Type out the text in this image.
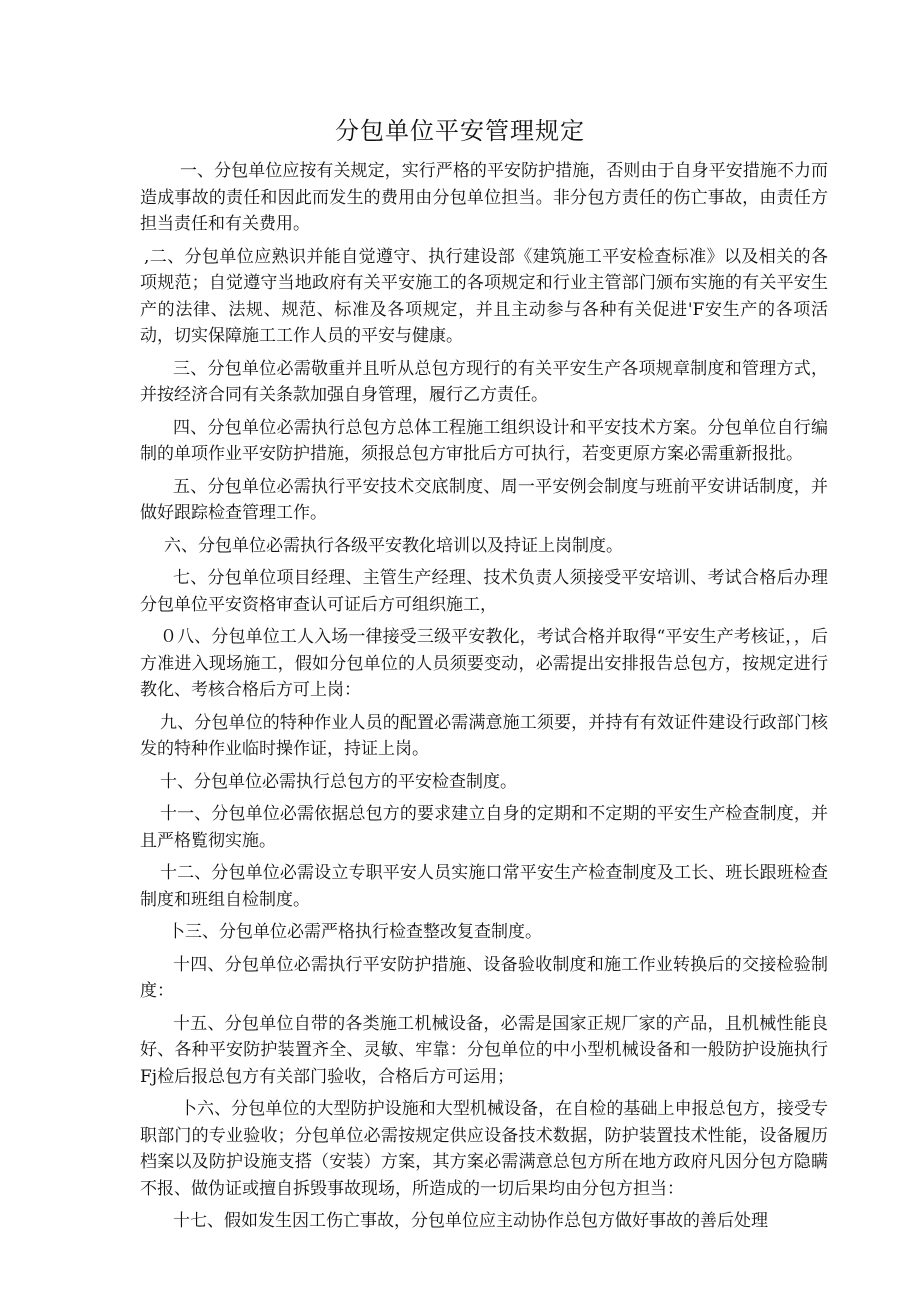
分包单位平安管理规定

一、分包单位应按有关规定，实行严格的平安防护措施，否则由于自身平安措施不力而造成事故的责任和因此而发生的费用由分包单位担当。非分包方责任的伤亡事故，由责任方担当责任和有关费用。

,二、分包单位应熟识并能自觉遵守、执行建设部《建筑施工平安检查标准》以及相关的各项规范；自觉遵守当地政府有关平安施工的各项规定和行业主管部门颁布实施的有关平安生产的法律、法规、规范、标准及各项规定，并且主动参与各种有关促进'F安生产的各项活动，切实保障施工工作人员的平安与健康。

三、分包单位必需敬重并且听从总包方现行的有关平安生产各项规章制度和管理方式，并按经济合同有关条款加强自身管理，履行乙方责任。

四、分包单位必需执行总包方总体工程施工组织设计和平安技术方案。分包单位自行编制的单项作业平安防护措施，须报总包方审批后方可执行，若变更原方案必需重新报批。

五、分包单位必需执行平安技术交底制度、周一平安例会制度与班前平安讲话制度，并做好跟踪检查管理工作。

六、分包单位必需执行各级平安教化培训以及持证上岗制度。

七、分包单位项目经理、主管生产经理、技术负责人须接受平安培训、考试合格后办理分包单位平安资格审查认可证后方可组织施工，

０八、分包单位工人入场一律接受三级平安教化，考试合格并取得“平安生产考核证，，后方准进入现场施工，假如分包单位的人员须要变动，必需提出安排报告总包方，按规定进行教化、考核合格后方可上岗：

九、分包单位的特种作业人员的配置必需满意施工须要，并持有有效证件建设行政部门核发的特种作业临时操作证，持证上岗。

十、分包单位必需执行总包方的平安检查制度。

十一、分包单位必需依据总包方的要求建立自身的定期和不定期的平安生产检查制度，并且严格覧彻实施。

十二、分包单位必需设立专职平安人员实施口常平安生产检查制度及工长、班长跟班检查制度和班组自检制度。

卜三、分包单位必需严格执行检查整改复查制度。

十四、分包单位必需执行平安防护措施、设备验收制度和施工作业转换后的交接检验制度：

十五、分包单位自带的各类施工机械设备，必需是国家正规厂家的产品，且机械性能良好、各种平安防护装置齐全、灵敏、牢靠：分包单位的中小型机械设备和一般防护设施执行Fj检后报总包方有关部门验收，合格后方可运用；

卜六、分包单位的大型防护设施和大型机械设备，在自检的基础上申报总包方，接受专职部门的专业验收；分包单位必需按规定供应设备技术数据，防护装置技术性能，设备履历档案以及防护设施支搭（安装）方案，其方案必需满意总包方所在地方政府凡因分包方隐瞒不报、做伪证或擅自拆毁事故现场，所造成的一切后果均由分包方担当：

十七、假如发生因工伤亡事故，分包单位应主动协作总包方做好事故的善后处理
